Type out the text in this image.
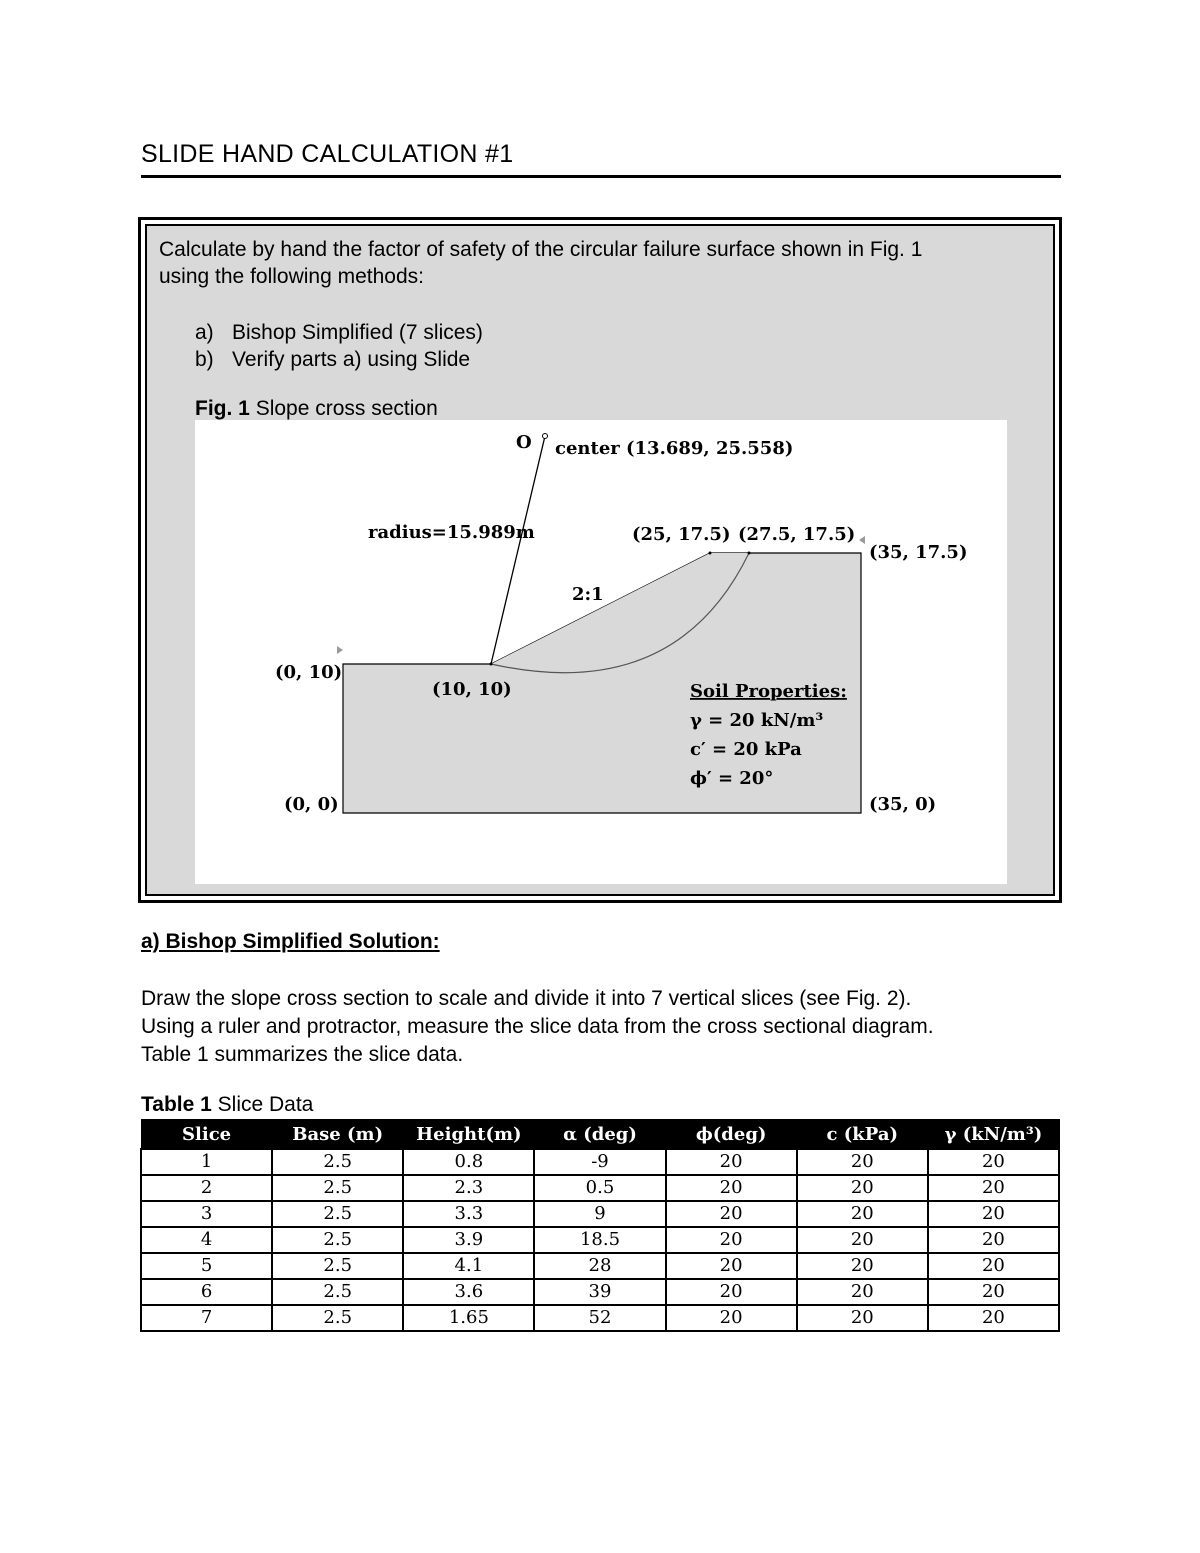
SLIDE HAND CALCULATION #1

Calculate by hand the factor of safety of the circular failure surface shown in Fig. 1
using the following methods:

a) Bishop Simplified (7 slices)
b) Verify parts a) using Slide
Fig. 1 Slope cross section
O center (13.689, 25.558)
radius=15.989m
2:1
(25, 17.5) (27.5, 17.5)
(35, 17.5)
(0, 10)
(10, 10)
(0, 0)	(35, 0)
Soil Properties:
γ = 20 kN/m³
c′ = 20 kPa
ϕ′ = 20°

a) Bishop Simplified Solution:

Draw the slope cross section to scale and divide it into 7 vertical slices (see Fig. 2).
Using a ruler and protractor, measure the slice data from the cross sectional diagram.
Table 1 summarizes the slice data.

Table 1 Slice Data
Slice	Base (m)	Height(m)	α (deg)	ϕ(deg)	c (kPa)	γ (kN/m³)
1	2.5	0.8	-9	20	20	20
2	2.5	2.3	0.5	20	20	20
3	2.5	3.3	9	20	20	20
4	2.5	3.9	18.5	20	20	20
5	2.5	4.1	28	20	20	20
6	2.5	3.6	39	20	20	20
7	2.5	1.65	52	20	20	20
